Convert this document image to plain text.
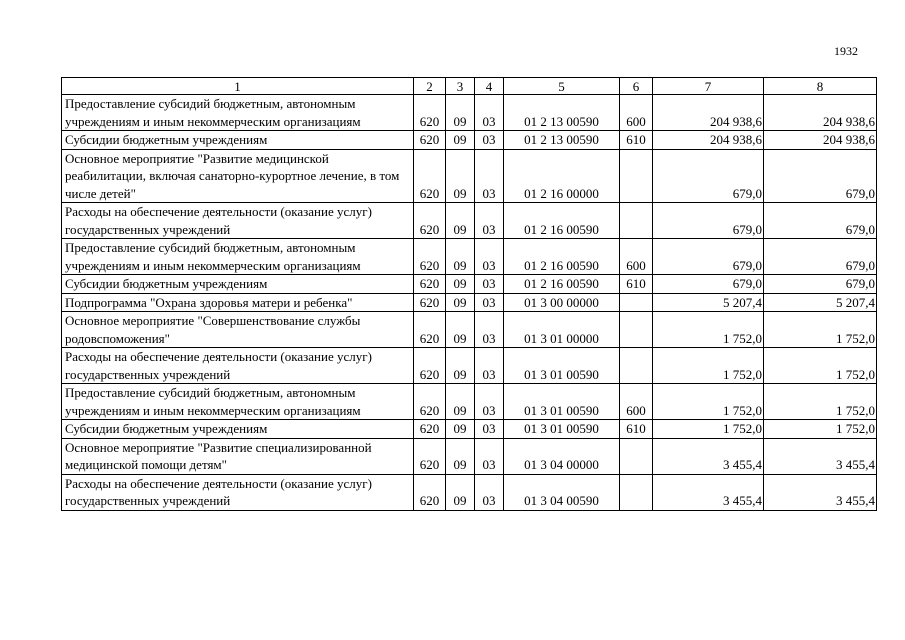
1932
1	2	3	4	5	6	7	8
Предоставление субсидий бюджетным, автономным учреждениям и иным некоммерческим организациям	620	09	03	01 2 13 00590	600	204 938,6	204 938,6
Субсидии бюджетным учреждениям	620	09	03	01 2 13 00590	610	204 938,6	204 938,6
Основное мероприятие "Развитие медицинской реабилитации, включая санаторно-курортное лечение, в том числе детей"	620	09	03	01 2 16 00000		679,0	679,0
Расходы на обеспечение деятельности (оказание услуг) государственных учреждений	620	09	03	01 2 16 00590		679,0	679,0
Предоставление субсидий бюджетным, автономным учреждениям и иным некоммерческим организациям	620	09	03	01 2 16 00590	600	679,0	679,0
Субсидии бюджетным учреждениям	620	09	03	01 2 16 00590	610	679,0	679,0
Подпрограмма "Охрана здоровья матери и ребенка"	620	09	03	01 3 00 00000		5 207,4	5 207,4
Основное мероприятие "Совершенствование службы родовспоможения"	620	09	03	01 3 01 00000		1 752,0	1 752,0
Расходы на обеспечение деятельности (оказание услуг) государственных учреждений	620	09	03	01 3 01 00590		1 752,0	1 752,0
Предоставление субсидий бюджетным, автономным учреждениям и иным некоммерческим организациям	620	09	03	01 3 01 00590	600	1 752,0	1 752,0
Субсидии бюджетным учреждениям	620	09	03	01 3 01 00590	610	1 752,0	1 752,0
Основное мероприятие "Развитие специализированной медицинской помощи детям"	620	09	03	01 3 04 00000		3 455,4	3 455,4
Расходы на обеспечение деятельности (оказание услуг) государственных учреждений	620	09	03	01 3 04 00590		3 455,4	3 455,4
